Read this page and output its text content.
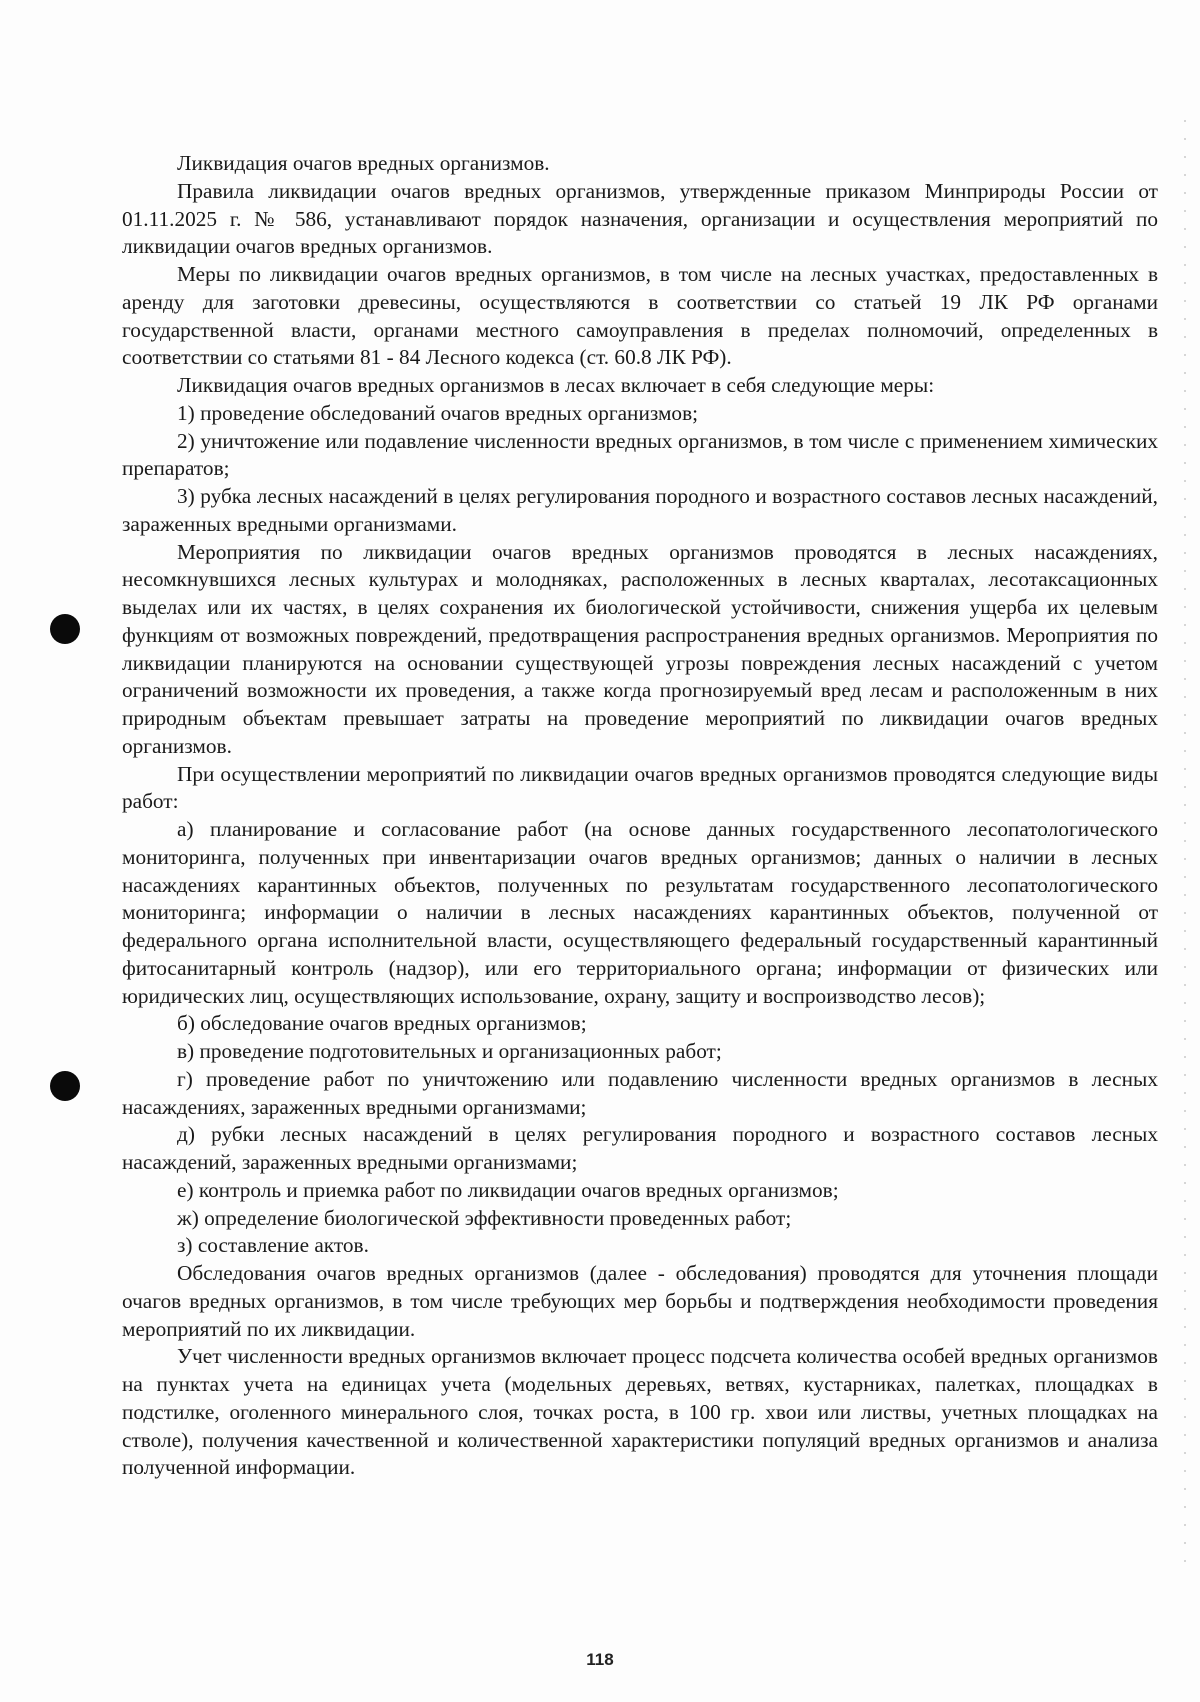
Ликвидация очагов вредных организмов.

Правила ликвидации очагов вредных организмов, утвержденные приказом Минприроды России от 01.11.2025 г. № 586, устанавливают порядок назначения, организации и осуществления мероприятий по ликвидации очагов вредных организмов.

Меры по ликвидации очагов вредных организмов, в том числе на лесных участках, предоставленных в аренду для заготовки древесины, осуществляются в соответствии со статьей 19 ЛК РФ органами государственной власти, органами местного самоуправления в пределах полномочий, определенных в соответствии со статьями 81 - 84 Лесного кодекса (ст. 60.8 ЛК РФ).

Ликвидация очагов вредных организмов в лесах включает в себя следующие меры:

1) проведение обследований очагов вредных организмов;

2) уничтожение или подавление численности вредных организмов, в том числе с применением химических препаратов;

3) рубка лесных насаждений в целях регулирования породного и возрастного составов лесных насаждений, зараженных вредными организмами.

Мероприятия по ликвидации очагов вредных организмов проводятся в лесных насаждениях, несомкнувшихся лесных культурах и молодняках, расположенных в лесных кварталах, лесотаксационных выделах или их частях, в целях сохранения их биологической устойчивости, снижения ущерба их целевым функциям от возможных повреждений, предотвращения распространения вредных организмов. Мероприятия по ликвидации планируются на основании существующей угрозы повреждения лесных насаждений с учетом ограничений возможности их проведения, а также когда прогнозируемый вред лесам и расположенным в них природным объектам превышает затраты на проведение мероприятий по ликвидации очагов вредных организмов.

При осуществлении мероприятий по ликвидации очагов вредных организмов проводятся следующие виды работ:

а) планирование и согласование работ (на основе данных государственного лесопатологического мониторинга, полученных при инвентаризации очагов вредных организмов; данных о наличии в лесных насаждениях карантинных объектов, полученных по результатам государственного лесопатологического мониторинга; информации о наличии в лесных насаждениях карантинных объектов, полученной от федерального органа исполнительной власти, осуществляющего федеральный государственный карантинный фитосанитарный контроль (надзор), или его территориального органа; информации от физических или юридических лиц, осуществляющих использование, охрану, защиту и воспроизводство лесов);

б) обследование очагов вредных организмов;

в) проведение подготовительных и организационных работ;

г) проведение работ по уничтожению или подавлению численности вредных организмов в лесных насаждениях, зараженных вредными организмами;

д) рубки лесных насаждений в целях регулирования породного и возрастного составов лесных насаждений, зараженных вредными организмами;

е) контроль и приемка работ по ликвидации очагов вредных организмов;

ж) определение биологической эффективности проведенных работ;

з) составление актов.

Обследования очагов вредных организмов (далее - обследования) проводятся для уточнения площади очагов вредных организмов, в том числе требующих мер борьбы и подтверждения необходимости проведения мероприятий по их ликвидации.

Учет численности вредных организмов включает процесс подсчета количества особей вредных организмов на пунктах учета на единицах учета (модельных деревьях, ветвях, кустарниках, палетках, площадках в подстилке, оголенного минерального слоя, точках роста, в 100 гр. хвои или листвы, учетных площадках на стволе), получения качественной и количественной характеристики популяций вредных организмов и анализа полученной информации.

118
